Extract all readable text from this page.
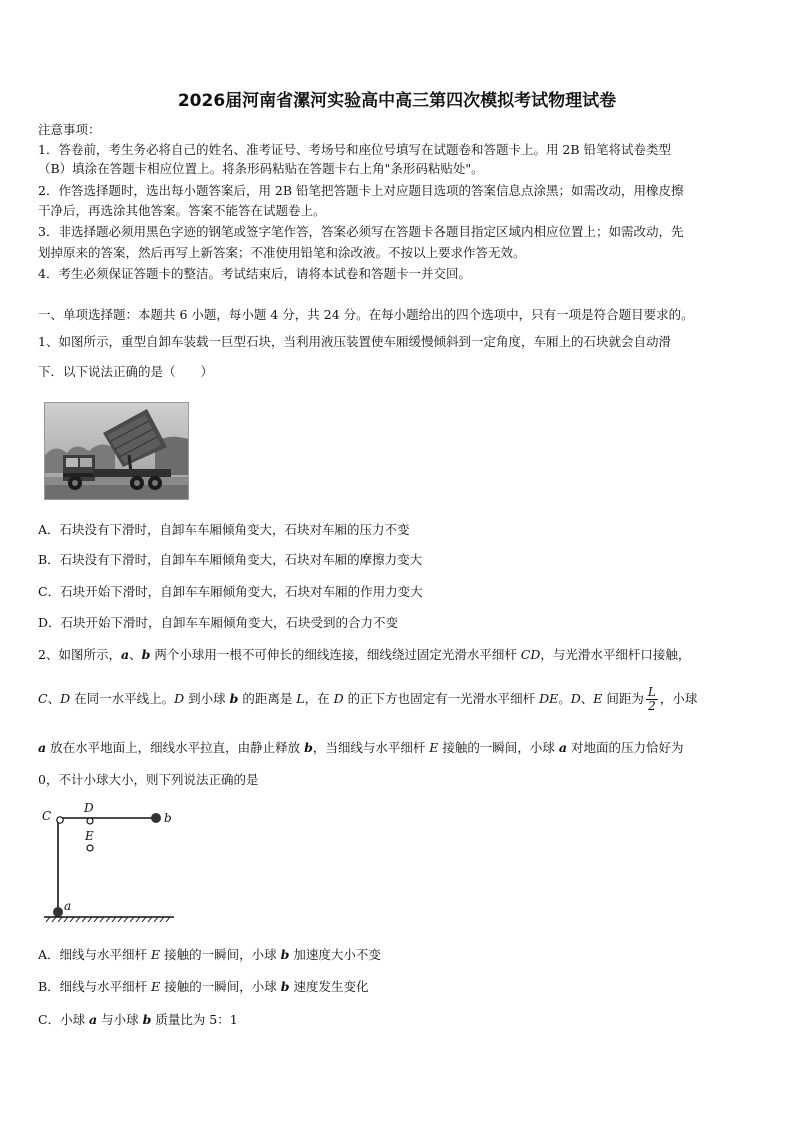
2026届河南省漯河实验高中高三第四次模拟考试物理试卷
注意事项：
1．答卷前，考生务必将自己的姓名、准考证号、考场号和座位号填写在试题卷和答题卡上。用 2B 铅笔将试卷类型
（B）填涂在答题卡相应位置上。将条形码粘贴在答题卡右上角"条形码粘贴处"。
2．作答选择题时，选出每小题答案后，用 2B 铅笔把答题卡上对应题目选项的答案信息点涂黑；如需改动，用橡皮擦
干净后，再选涂其他答案。答案不能答在试题卷上。
3．非选择题必须用黑色字迹的钢笔或签字笔作答，答案必须写在答题卡各题目指定区域内相应位置上；如需改动，先
划掉原来的答案，然后再写上新答案；不准使用铅笔和涂改液。不按以上要求作答无效。
4．考生必须保证答题卡的整洁。考试结束后，请将本试卷和答题卡一并交回。
一、单项选择题：本题共 6 小题，每小题 4 分，共 24 分。在每小题给出的四个选项中，只有一项是符合题目要求的。
1、如图所示，重型自卸车装载一巨型石块，当利用液压装置使车厢缓慢倾斜到一定角度，车厢上的石块就会自动滑
下．以下说法正确的是（　　）
A．石块没有下滑时，自卸车车厢倾角变大，石块对车厢的压力不变
B．石块没有下滑时，自卸车车厢倾角变大，石块对车厢的摩擦力变大
C．石块开始下滑时，自卸车车厢倾角变大，石块对车厢的作用力变大
D．石块开始下滑时，自卸车车厢倾角变大，石块受到的合力不变
2、如图所示，a、b 两个小球用一根不可伸长的细线连接，细线绕过固定光滑水平细杆 CD，与光滑水平细杆口接触，
C、D 在同一水平线上。D 到小球 b 的距离是 L，在 D 的正下方也固定有一光滑水平细杆 DE。D、E 间距为 $\frac{L}{2}$ ，小球
a 放在水平地面上，细线水平拉直，由静止释放 b，当细线与水平细杆 E 接触的一瞬间，小球 a 对地面的压力恰好为
0，不计小球大小，则下列说法正确的是
C
D
E
b
a
A．细线与水平细杆 E 接触的一瞬间，小球 b 加速度大小不变
B．细线与水平细杆 E 接触的一瞬间，小球 b 速度发生变化
C．小球 a 与小球 b 质量比为 5：1
